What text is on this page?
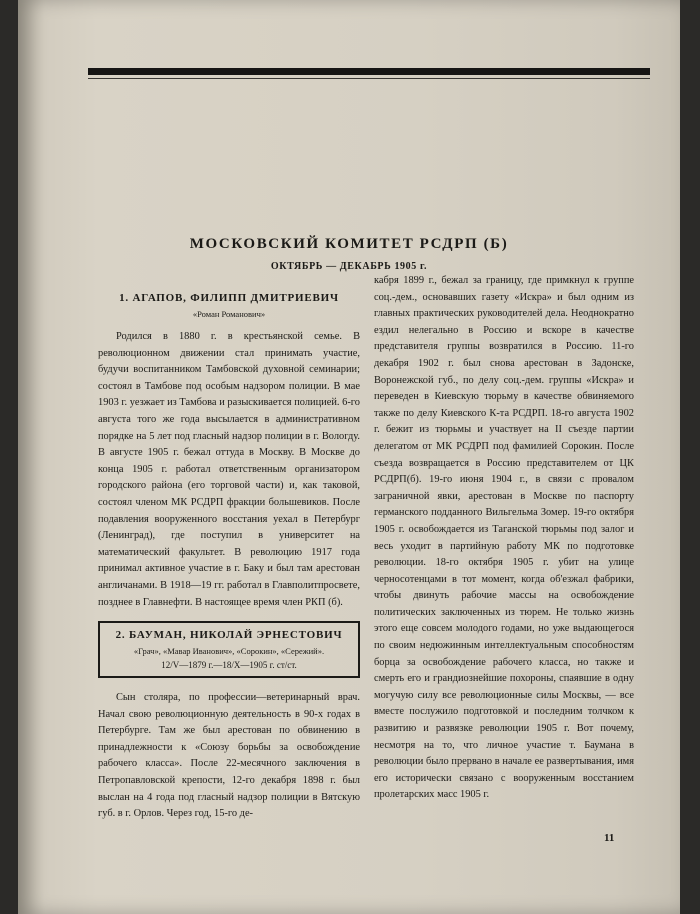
МОСКОВСКИЙ КОМИТЕТ РСДРП (Б)
ОКТЯБРЬ — ДЕКАБРЬ 1905 г.
1. АГАПОВ, ФИЛИПП ДМИТРИЕВИЧ
«Роман Романович»

Родился в 1880 г. в крестьянской семье. В революционном движении стал принимать участие, будучи воспитанником Тамбовской духовной семинарии; состоял в Тамбове под особым надзором полиции. В мае 1903 г. уезжает из Тамбова и разыскивается полицией. 6-го августа того же года высылается в административном порядке на 5 лет под гласный надзор полиции в г. Вологду. В августе 1905 г. бежал оттуда в Москву. В Москве до конца 1905 г. работал ответственным организатором городского района (его торговой части) и, как таковой, состоял членом МК РСДРП фракции большевиков. После подавления вооруженного восстания уехал в Петербург (Ленинград), где поступил в университет на математический факультет. В революцию 1917 года принимал активное участие в г. Баку и был там арестован англичанами. В 1918—19 гг. работал в Главполитпросвете, позднее в Главнефти. В настоящее время член РКП (б).

2. БАУМАН, НИКОЛАЙ ЭРНЕСТОВИЧ
«Грач», «Мавар Иванович», «Сорокин», «Сережий».
12/V—1879 г.—18/X—1905 г. ст/ст.

Сын столяра, по профессии—ветеринарный врач. Начал свою революционную деятельность в 90-х годах в Петербурге. Там же был арестован по обвинению в принадлежности к «Союзу борьбы за освобождение рабочего класса». После 22-месячного заключения в Петропавловской крепости, 12-го декабря 1898 г. был выслан на 4 года под гласный надзор полиции в Вятскую губ. в г. Орлов. Через год, 15-го де-

кабря 1899 г., бежал за границу, где примкнул к группе соц.-дем., основавших газету «Искра» и был одним из главных практических руководителей дела. Неоднократно ездил нелегально в Россию и вскоре в качестве представителя группы возвратился в Россию. 11-го декабря 1902 г. был снова арестован в Задонске, Воронежской губ., по делу соц.-дем. группы «Искра» и переведен в Киевскую тюрьму в качестве обвиняемого также по делу Киевского К-та РСДРП. 18-го августа 1902 г. бежит из тюрьмы и участвует на II съезде партии делегатом от МК РСДРП под фамилией Сорокин. После съезда возвращается в Россию представителем от ЦК РСДРП(б). 19-го июня 1904 г., в связи с провалом заграничной явки, арестован в Москве по паспорту германского подданного Вильгельма Зомер. 19-го октября 1905 г. освобождается из Таганской тюрьмы под залог и весь уходит в партийную работу МК по подготовке революции. 18-го октября 1905 г. убит на улице черносотенцами в тот момент, когда об'езжал фабрики, чтобы двинуть рабочие массы на освобождение политических заключенных из тюрем. Не только жизнь этого еще совсем молодого годами, но уже выдающегося по своим недюжинным интеллектуальным способностям борца за освобождение рабочего класса, но также и смерть его и грандиознейшие похороны, спаявшие в одну могучую силу все революционные силы Москвы, — все вместе послужило подготовкой и последним толчком к развитию и развязке революции 1905 г. Вот почему, несмотря на то, что личное участие т. Баумана в революции было прервано в начале ее развертывания, имя его исторически связано с вооруженным восстанием пролетарских масс 1905 г.

11
